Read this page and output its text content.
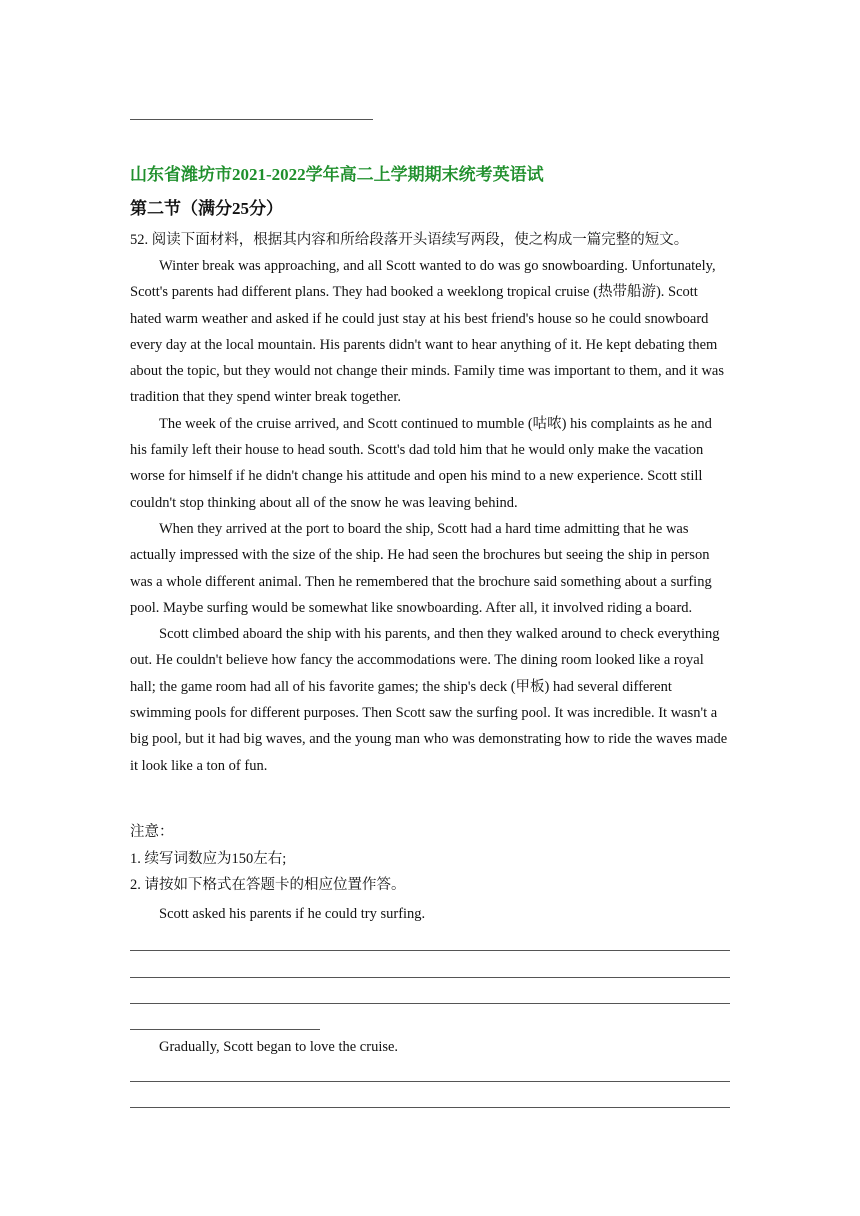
山东省潍坊市2021-2022学年高二上学期期末统考英语试
第二节（满分25分）
52. 阅读下面材料，根据其内容和所给段落开头语续写两段，使之构成一篇完整的短文。

Winter break was approaching, and all Scott wanted to do was go snowboarding. Unfortunately, Scott's parents had different plans. They had booked a weeklong tropical cruise (热带船游). Scott hated warm weather and asked if he could just stay at his best friend's house so he could snowboard every day at the local mountain. His parents didn't want to hear anything of it. He kept debating them about the topic, but they would not change their minds. Family time was important to them, and it was tradition that they spend winter break together.

The week of the cruise arrived, and Scott continued to mumble (咕哝) his complaints as he and his family left their house to head south. Scott's dad told him that he would only make the vacation worse for himself if he didn't change his attitude and open his mind to a new experience. Scott still couldn't stop thinking about all of the snow he was leaving behind.

When they arrived at the port to board the ship, Scott had a hard time admitting that he was actually impressed with the size of the ship. He had seen the brochures but seeing the ship in person was a whole different animal. Then he remembered that the brochure said something about a surfing pool. Maybe surfing would be somewhat like snowboarding. After all, it involved riding a board.

Scott climbed aboard the ship with his parents, and then they walked around to check everything out. He couldn't believe how fancy the accommodations were. The dining room looked like a royal hall; the game room had all of his favorite games; the ship's deck (甲板) had several different swimming pools for different purposes. Then Scott saw the surfing pool. It was incredible. It wasn't a big pool, but it had big waves, and the young man who was demonstrating how to ride the waves made it look like a ton of fun.

注意：
1. 续写词数应为150左右;
2. 请按如下格式在答题卡的相应位置作答。
Scott asked his parents if he could try surfing.
Gradually, Scott began to love the cruise.
